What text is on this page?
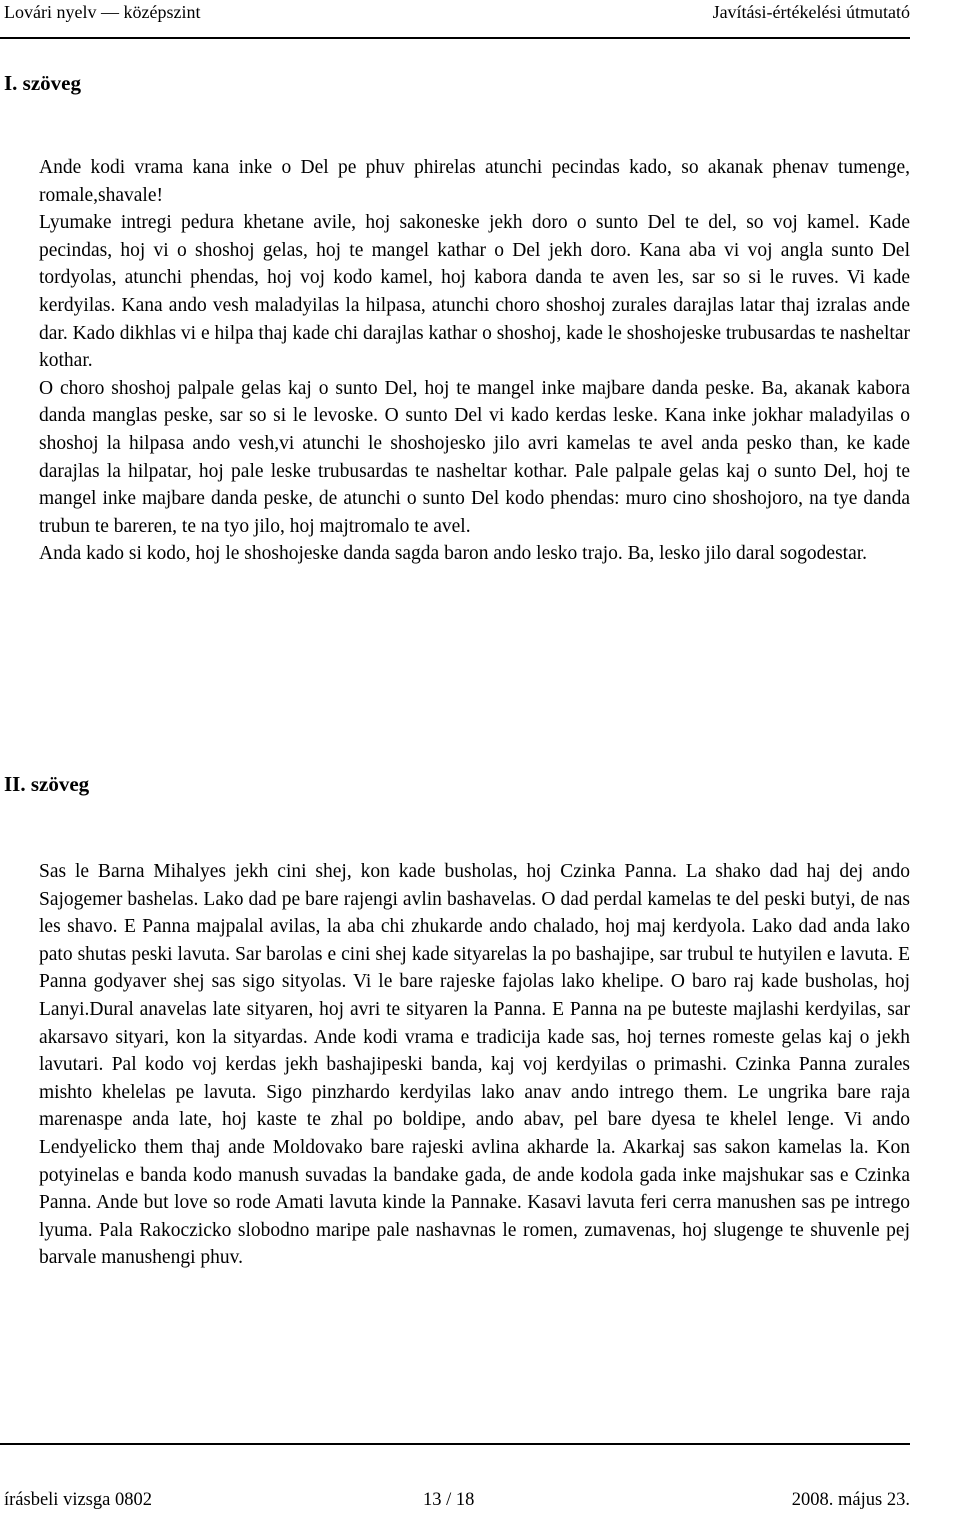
Lovári nyelv — középszint	Javítási-értékelési útmutató
I. szöveg

Ande kodi vrama kana inke o Del pe phuv phirelas atunchi pecindas kado, so akanak phenav tumenge, romale,shavale!

Lyumake intregi pedura khetane avile, hoj sakoneske jekh doro o sunto Del te del, so voj kamel. Kade pecindas, hoj vi o shoshoj gelas, hoj te mangel kathar o Del jekh doro. Kana aba vi voj angla sunto Del tordyolas, atunchi phendas, hoj voj kodo kamel, hoj kabora danda te aven les, sar so si le ruves. Vi kade kerdyilas. Kana ando vesh maladyilas la hilpasa, atunchi choro shoshoj zurales darajlas latar thaj izralas ande dar. Kado dikhlas vi e hilpa thaj kade chi darajlas kathar o shoshoj, kade le shoshojeske trubusardas te nasheltar kothar.

O choro shoshoj palpale gelas kaj o sunto Del, hoj te mangel inke majbare danda peske. Ba, akanak kabora danda manglas peske, sar so si le levoske. O sunto Del vi kado kerdas leske. Kana inke jokhar maladyilas o shoshoj la hilpasa ando vesh,vi atunchi le shoshojesko jilo avri kamelas te avel anda pesko than, ke kade darajlas la hilpatar, hoj pale leske trubusardas te nasheltar kothar. Pale palpale gelas kaj o sunto Del, hoj te mangel inke majbare danda peske, de atunchi o sunto Del kodo phendas: muro cino shoshojoro, na tye danda trubun te bareren, te na tyo jilo, hoj majtromalo te avel.

Anda kado si kodo, hoj le shoshojeske danda sagda baron ando lesko trajo. Ba, lesko jilo daral sogodestar.

II. szöveg

Sas le Barna Mihalyes jekh cini shej, kon kade busholas, hoj Czinka Panna. La shako dad haj dej ando Sajogemer bashelas. Lako dad pe bare rajengi avlin bashavelas. O dad perdal kamelas te del peski butyi, de nas les shavo. E Panna majpalal avilas, la aba chi zhukarde ando chalado, hoj maj kerdyola. Lako dad anda lako pato shutas peski lavuta. Sar barolas e cini shej kade sityarelas la po bashajipe, sar trubul te hutyilen e lavuta. E Panna godyaver shej sas sigo sityolas. Vi le bare rajeske fajolas lako khelipe. O baro raj kade busholas, hoj Lanyi.Dural anavelas late sityaren, hoj avri te sityaren la Panna. E Panna na pe buteste majlashi kerdyilas, sar akarsavo sityari, kon la sityardas. Ande kodi vrama e tradicija kade sas, hoj ternes romeste gelas kaj o jekh lavutari. Pal kodo voj kerdas jekh bashajipeski banda, kaj voj kerdyilas o primashi. Czinka Panna zurales mishto khelelas pe lavuta. Sigo pinzhardo kerdyilas lako anav ando intrego them. Le ungrika bare raja marenaspe anda late, hoj kaste te zhal po boldipe, ando abav, pel bare dyesa te khelel lenge. Vi ando Lendyelicko them thaj ande Moldovako bare rajeski avlina akharde la. Akarkaj sas sakon kamelas la. Kon potyinelas e banda kodo manush suvadas la bandake gada, de ande kodola gada inke majshukar sas e Czinka Panna. Ande but love so rode Amati lavuta kinde la Pannake. Kasavi lavuta feri cerra manushen sas pe intrego lyuma. Pala Rakoczicko slobodno maripe pale nashavnas le romen, zumavenas, hoj slugenge te shuvenle pej barvale manushengi phuv.

írásbeli vizsga 0802	13 / 18	2008. május 23.
